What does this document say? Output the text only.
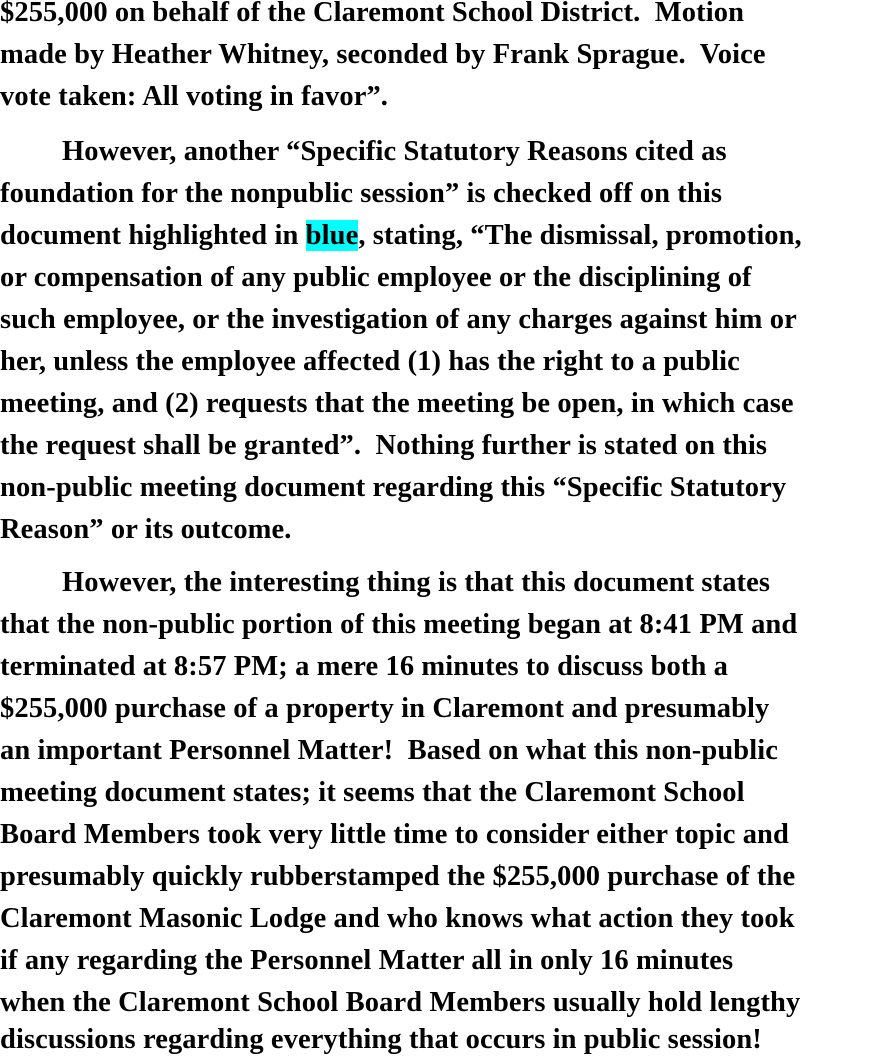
$255,000 on behalf of the Claremont School District.  Motion
made by Heather Whitney, seconded by Frank Sprague.  Voice
vote taken: All voting in favor”.
However, another “Specific Statutory Reasons cited as
foundation for the nonpublic session” is checked off on this
document highlighted in blue, stating, “The dismissal, promotion,
or compensation of any public employee or the disciplining of
such employee, or the investigation of any charges against him or
her, unless the employee affected (1) has the right to a public
meeting, and (2) requests that the meeting be open, in which case
the request shall be granted”.  Nothing further is stated on this
non-public meeting document regarding this “Specific Statutory
Reason” or its outcome.
However, the interesting thing is that this document states
that the non-public portion of this meeting began at 8:41 PM and
terminated at 8:57 PM; a mere 16 minutes to discuss both a
$255,000 purchase of a property in Claremont and presumably
an important Personnel Matter!  Based on what this non-public
meeting document states; it seems that the Claremont School
Board Members took very little time to consider either topic and
presumably quickly rubberstamped the $255,000 purchase of the
Claremont Masonic Lodge and who knows what action they took
if any regarding the Personnel Matter all in only 16 minutes
when the Claremont School Board Members usually hold lengthy
discussions regarding everything that occurs in public session!
